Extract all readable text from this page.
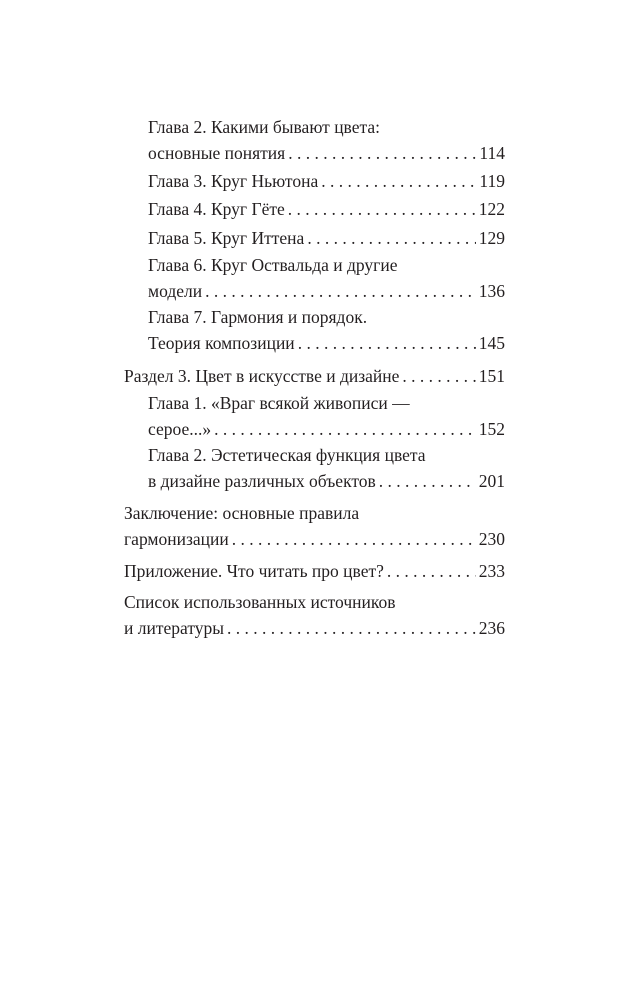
Глава 2. Какими бывают цвета:
основные понятия . . .	114
Глава 3. Круг Ньютона . . .	119
Глава 4. Круг Гёте . . .	122
Глава 5. Круг Иттена . . .	129
Глава 6. Круг Оствальда и другие
модели . . .	136
Глава 7. Гармония и порядок.
Теория композиции . . .	145
Раздел 3. Цвет в искусстве и дизайне . . .	151
Глава 1. «Враг всякой живописи —
серое...» . . .	152
Глава 2. Эстетическая функция цвета
в дизайне различных объектов . . .	201
Заключение: основные правила
гармонизации . . .	230
Приложение. Что читать про цвет? . . .	233
Список использованных источников
и литературы . . .	236
